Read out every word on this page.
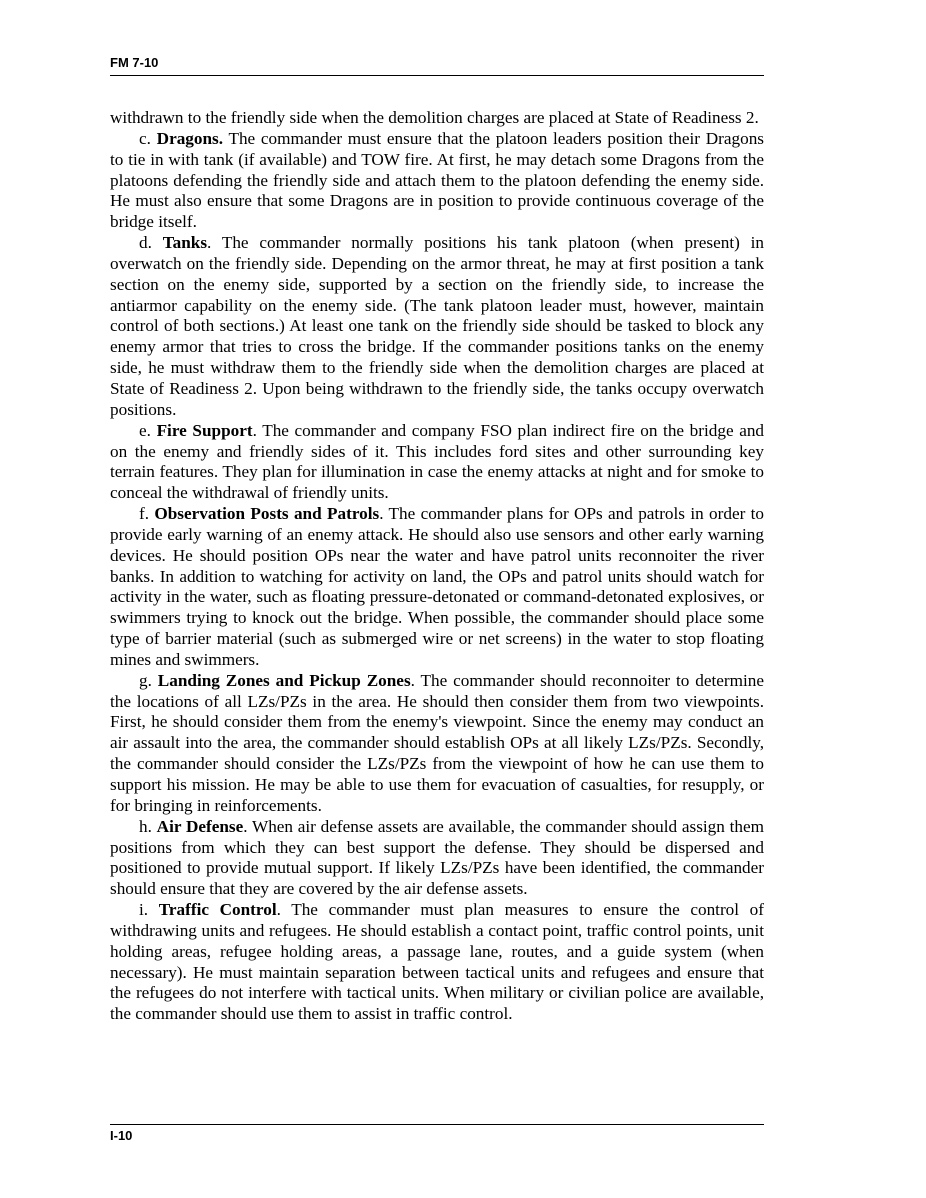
FM 7-10

withdrawn to the friendly side when the demolition charges are placed at State of Readiness 2.

c. Dragons. The commander must ensure that the platoon leaders position their Dragons to tie in with tank (if available) and TOW fire. At first, he may detach some Dragons from the platoons defending the friendly side and attach them to the platoon defending the enemy side. He must also ensure that some Dragons are in position to provide continuous coverage of the bridge itself.

d. Tanks. The commander normally positions his tank platoon (when present) in overwatch on the friendly side. Depending on the armor threat, he may at first position a tank section on the enemy side, supported by a section on the friendly side, to increase the antiarmor capability on the enemy side. (The tank platoon leader must, however, maintain control of both sections.) At least one tank on the friendly side should be tasked to block any enemy armor that tries to cross the bridge. If the commander positions tanks on the enemy side, he must withdraw them to the friendly side when the demolition charges are placed at State of Readiness 2. Upon being withdrawn to the friendly side, the tanks occupy overwatch positions.

e. Fire Support. The commander and company FSO plan indirect fire on the bridge and on the enemy and friendly sides of it. This includes ford sites and other surrounding key terrain features. They plan for illumination in case the enemy attacks at night and for smoke to conceal the withdrawal of friendly units.

f. Observation Posts and Patrols. The commander plans for OPs and patrols in order to provide early warning of an enemy attack. He should also use sensors and other early warning devices. He should position OPs near the water and have patrol units reconnoiter the river banks. In addition to watching for activity on land, the OPs and patrol units should watch for activity in the water, such as floating pressure-detonated or command-detonated explosives, or swimmers trying to knock out the bridge. When possible, the commander should place some type of barrier material (such as submerged wire or net screens) in the water to stop floating mines and swimmers.

g. Landing Zones and Pickup Zones. The commander should reconnoiter to determine the locations of all LZs/PZs in the area. He should then consider them from two viewpoints. First, he should consider them from the enemy's viewpoint. Since the enemy may conduct an air assault into the area, the commander should establish OPs at all likely LZs/PZs. Secondly, the commander should consider the LZs/PZs from the viewpoint of how he can use them to support his mission. He may be able to use them for evacuation of casualties, for resupply, or for bringing in reinforcements.

h. Air Defense. When air defense assets are available, the commander should assign them positions from which they can best support the defense. They should be dispersed and positioned to provide mutual support. If likely LZs/PZs have been identified, the commander should ensure that they are covered by the air defense assets.

i. Traffic Control. The commander must plan measures to ensure the control of withdrawing units and refugees. He should establish a contact point, traffic control points, unit holding areas, refugee holding areas, a passage lane, routes, and a guide system (when necessary). He must maintain separation between tactical units and refugees and ensure that the refugees do not interfere with tactical units. When military or civilian police are available, the commander should use them to assist in traffic control.

I-10
